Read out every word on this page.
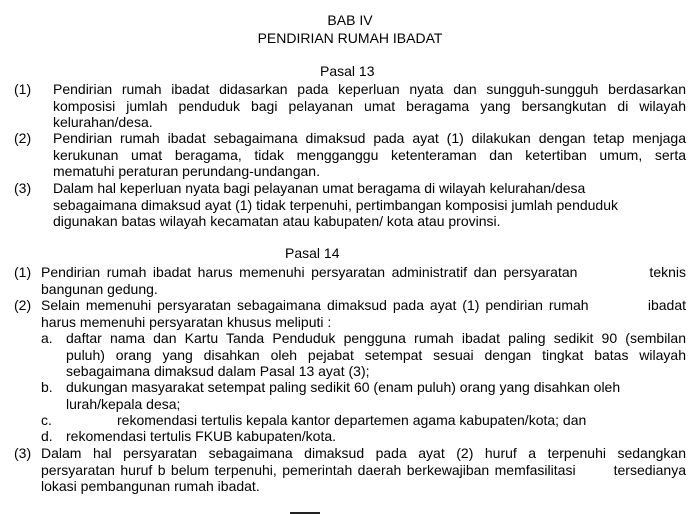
BAB IV
PENDIRIAN RUMAH IBADAT
Pasal 13
(1) Pendirian rumah ibadat didasarkan pada keperluan nyata dan sungguh-sungguh berdasarkan
komposisi jumlah penduduk bagi pelayanan umat beragama yang bersangkutan di wilayah
kelurahan/desa.
(2) Pendirian rumah ibadat sebagaimana dimaksud pada ayat (1) dilakukan dengan tetap menjaga
kerukunan umat beragama, tidak mengganggu ketenteraman dan ketertiban umum, serta
mematuhi peraturan perundang-undangan.
(3) Dalam hal keperluan nyata bagi pelayanan umat beragama di wilayah kelurahan/desa
sebagaimana dimaksud ayat (1) tidak terpenuhi, pertimbangan komposisi jumlah penduduk
digunakan batas wilayah kecamatan atau kabupaten/ kota atau provinsi.
Pasal 14
(1) Pendirian rumah ibadat harus memenuhi persyaratan administratif dan persyaratan           teknis
bangunan gedung.
(2) Selain memenuhi persyaratan sebagaimana dimaksud pada ayat (1) pendirian rumah          ibadat
harus memenuhi persyaratan khusus meliputi :
a. daftar nama dan Kartu Tanda Penduduk pengguna rumah ibadat paling sedikit 90 (sembilan
puluh) orang yang disahkan oleh pejabat setempat sesuai dengan tingkat batas wilayah
sebagaimana dimaksud dalam Pasal 13 ayat (3);
b. dukungan masyarakat setempat paling sedikit 60 (enam puluh) orang yang disahkan oleh
lurah/kepala desa;
c.	rekomendasi tertulis kepala kantor departemen agama kabupaten/kota; dan
d. rekomendasi tertulis FKUB kabupaten/kota.
(3) Dalam hal persyaratan sebagaimana dimaksud pada ayat (2) huruf a terpenuhi sedangkan
persyaratan huruf b belum terpenuhi, pemerintah daerah berkewajiban memfasilitasi       tersedianya
lokasi pembangunan rumah ibadat.
